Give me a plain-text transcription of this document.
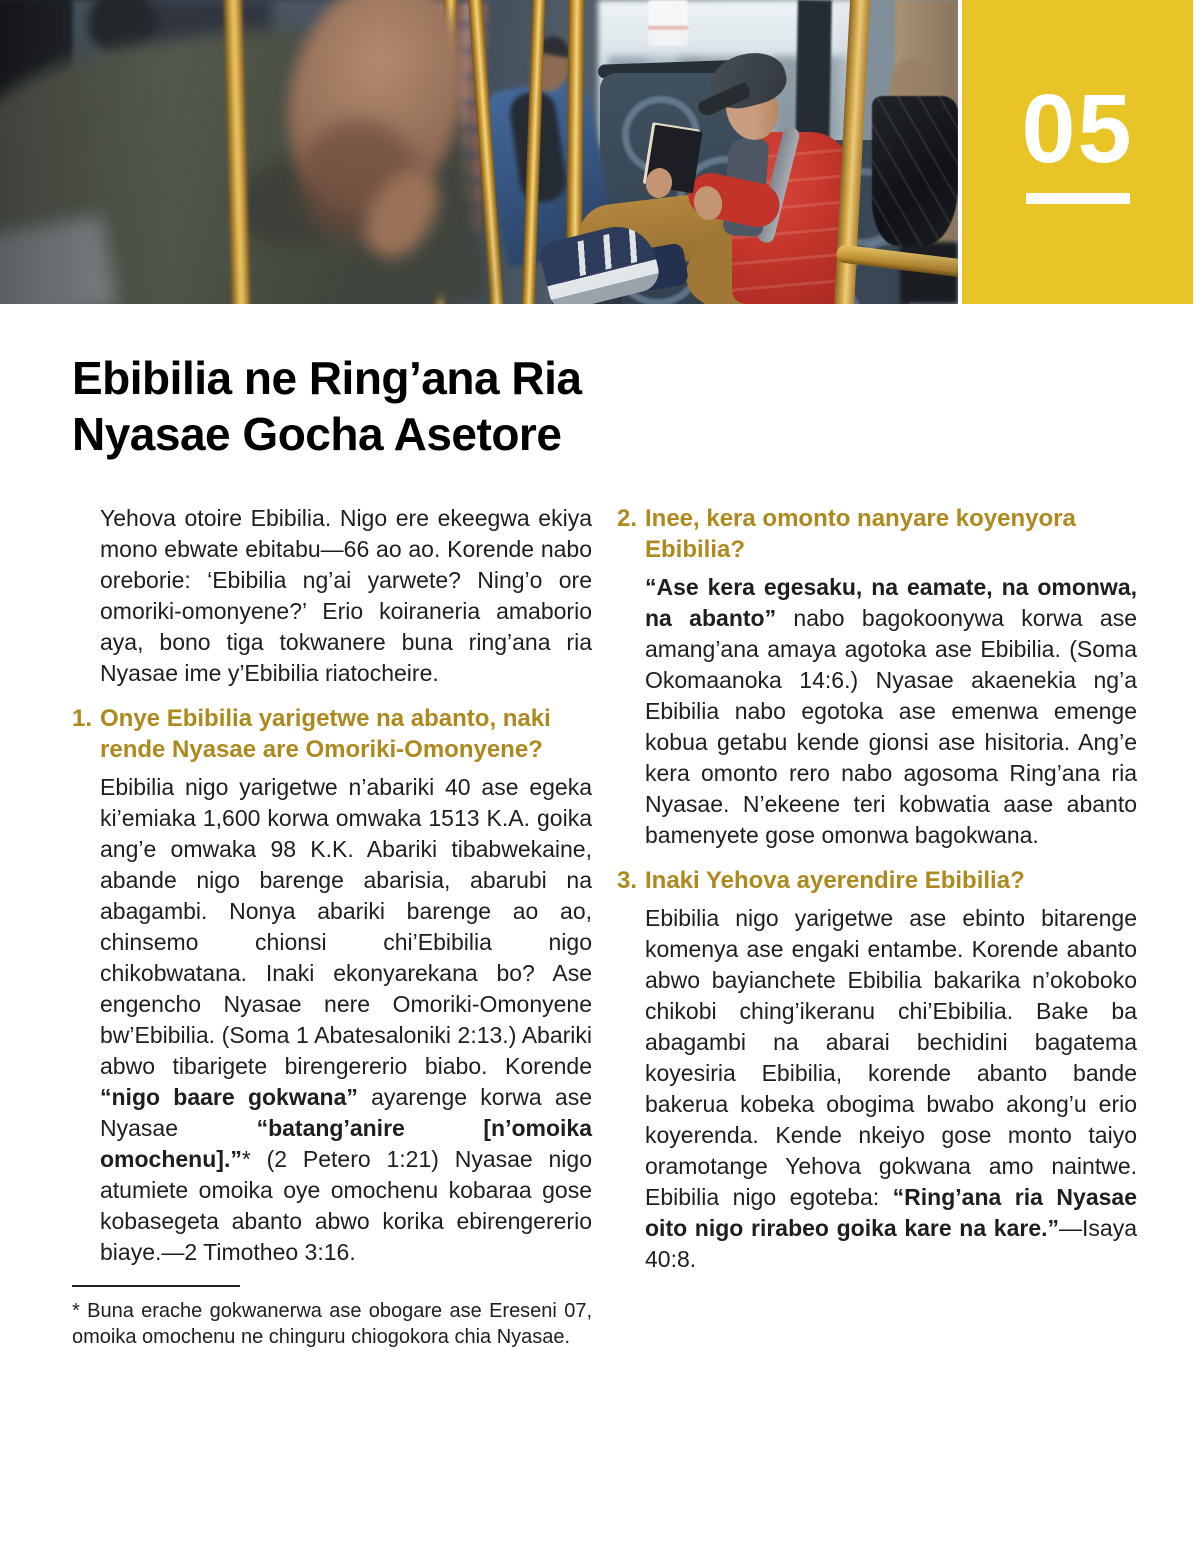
05
Ebibilia ne Ring’ana Ria Nyasae Gocha Asetore

Yehova otoire Ebibilia. Nigo ere ekeegwa ekiya mono ebwate ebitabu—66 ao ao. Korende nabo oreborie: ‘Ebibilia ng’ai yarwete? Ning’o ore omoriki-omonyene?’ Erio koiraneria amaborio aya, bono tiga tokwanere buna ring’ana ria Nyasae ime y’Ebibilia riatocheire.

1. Onye Ebibilia yarigetwe na abanto, naki rende Nyasae are Omoriki-Omonyene?

Ebibilia nigo yarigetwe n’abariki 40 ase egeka ki’emiaka 1,600 korwa omwaka 1513 K.A. goika ang’e omwaka 98 K.K. Abariki tibabwekaine, abande nigo barenge abarisia, abarubi na abagambi. Nonya abariki barenge ao ao, chinsemo chionsi chi’Ebibilia nigo chikobwatana. Inaki ekonyarekana bo? Ase engencho Nyasae nere Omoriki-Omonyene bw’Ebibilia. (Soma 1 Abatesaloniki 2:13.) Abariki abwo tibarigete birengererio biabo. Korende “nigo baare gokwana” ayarenge korwa ase Nyasae “batang’anire [n’omoika omochenu].”* (2 Petero 1:21) Nyasae nigo atumiete omoika oye omochenu kobaraa gose kobasegeta abanto abwo korika ebirengererio biaye.—2 Timotheo 3:16.

* Buna erache gokwanerwa ase obogare ase Ereseni 07, omoika omochenu ne chinguru chiogokora chia Nyasae.

2. Inee, kera omonto nanyare koyenyora Ebibilia?

“Ase kera egesaku, na eamate, na omonwa, na abanto” nabo bagokoonywa korwa ase amang’ana amaya agotoka ase Ebibilia. (Soma Okomaanoka 14:6.) Nyasae akaenekia ng’a Ebibilia nabo egotoka ase emenwa emenge kobua getabu kende gionsi ase hisitoria. Ang’e kera omonto rero nabo agosoma Ring’ana ria Nyasae. N’ekeene teri kobwatia aase abanto bamenyete gose omonwa bagokwana.

3. Inaki Yehova ayerendire Ebibilia?

Ebibilia nigo yarigetwe ase ebinto bitarenge komenya ase engaki entambe. Korende abanto abwo bayianchete Ebibilia bakarika n’okoboko chikobi ching’ikeranu chi’Ebibilia. Bake ba abagambi na abarai bechidini bagatema koyesiria Ebibilia, korende abanto bande bakerua kobeka obogima bwabo akong’u erio koyerenda. Kende nkeiyo gose monto taiyo oramotange Yehova gokwana amo naintwe. Ebibilia nigo egoteba: “Ring’ana ria Nyasae oito nigo rirabeo goika kare na kare.”—Isaya 40:8.
